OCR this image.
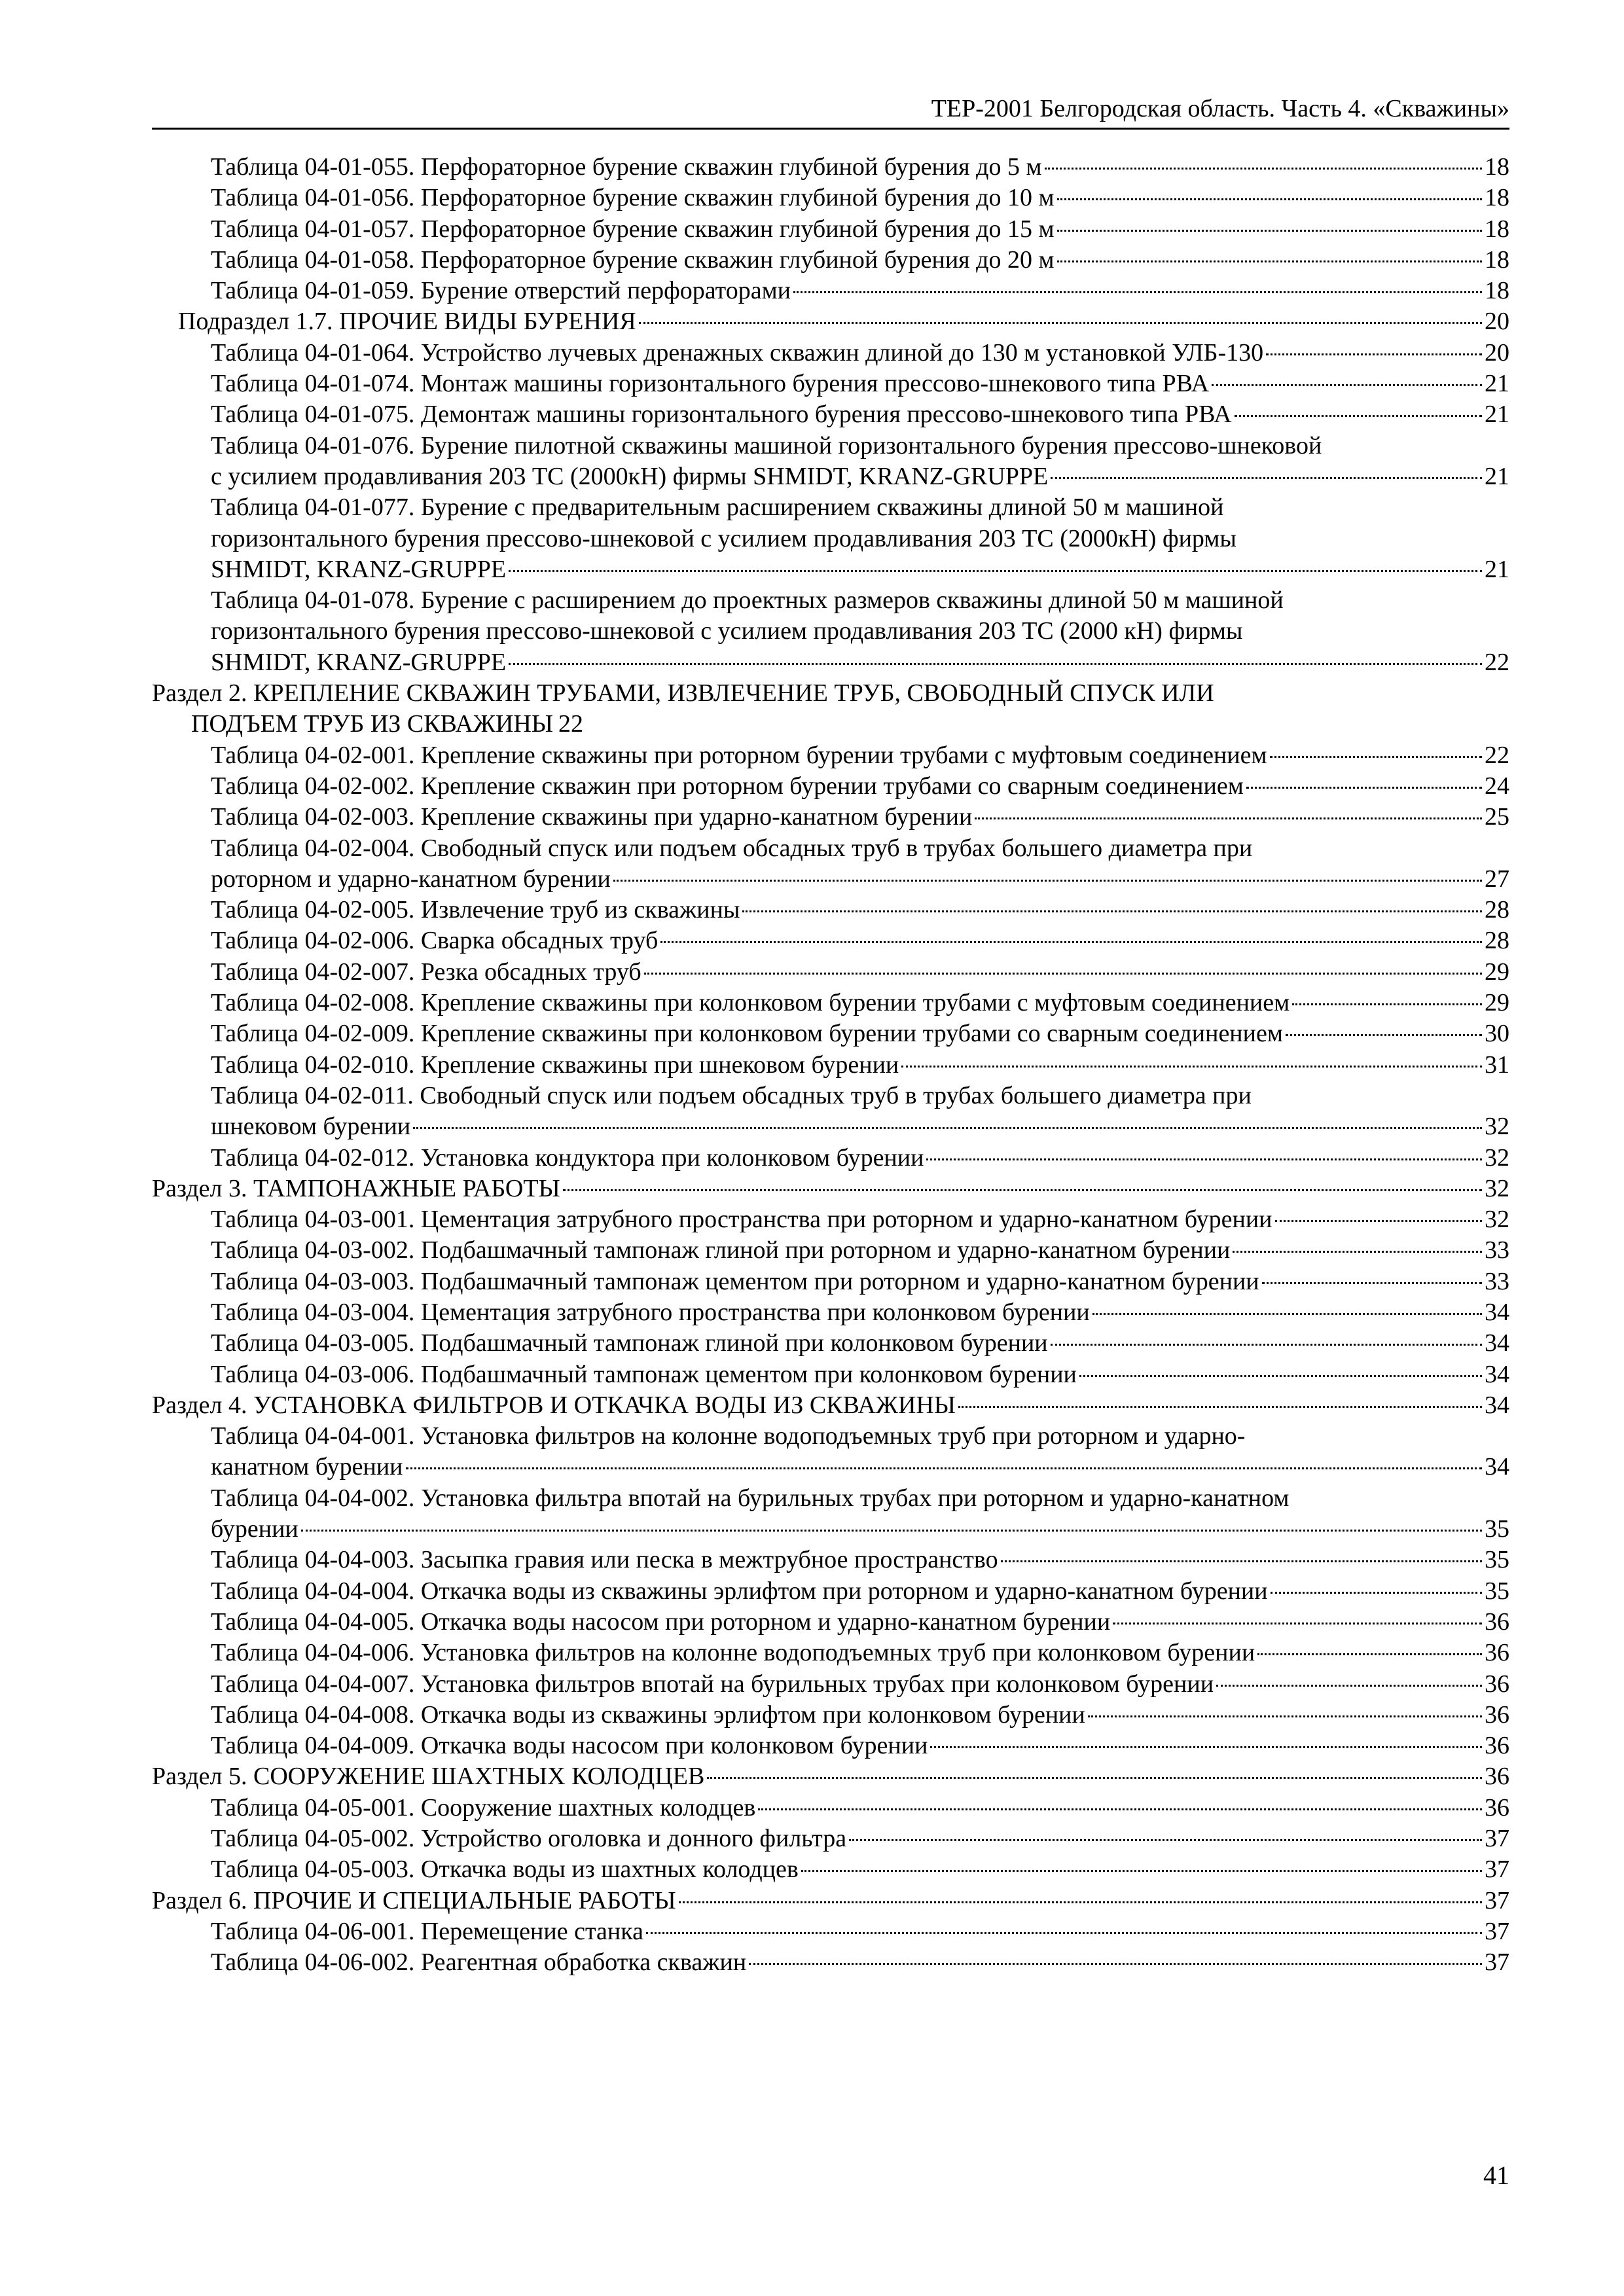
ТЕР-2001 Белгородская область. Часть 4. «Скважины»
Таблица 04-01-055. Перфораторное бурение скважин глубиной бурения до 5 м	18
Таблица 04-01-056. Перфораторное бурение скважин глубиной бурения до 10 м	18
Таблица 04-01-057. Перфораторное бурение скважин глубиной бурения до 15 м	18
Таблица 04-01-058. Перфораторное бурение скважин глубиной бурения до 20 м	18
Таблица 04-01-059. Бурение отверстий перфораторами	18
Подраздел 1.7. ПРОЧИЕ ВИДЫ БУРЕНИЯ	20
Таблица 04-01-064. Устройство лучевых дренажных скважин длиной до 130 м установкой УЛБ-130	20
Таблица 04-01-074. Монтаж машины горизонтального бурения прессово-шнекового типа РВА	21
Таблица 04-01-075. Демонтаж машины горизонтального бурения прессово-шнекового типа РВА	21
Таблица 04-01-076. Бурение пилотной скважины машиной горизонтального бурения прессово-шнековой
с усилием продавливания 203 ТС (2000кН) фирмы SHMIDT, KRANZ-GRUPPE	21
Таблица 04-01-077. Бурение с предварительным расширением скважины длиной 50 м машиной
горизонтального бурения прессово-шнековой с усилием продавливания 203 ТС (2000кН) фирмы
SHMIDT, KRANZ-GRUPPE	21
Таблица 04-01-078. Бурение с расширением до проектных размеров скважины длиной 50 м машиной
горизонтального бурения прессово-шнековой с усилием продавливания 203 ТС (2000 кН) фирмы
SHMIDT, KRANZ-GRUPPE	22
Раздел 2. КРЕПЛЕНИЕ СКВАЖИН ТРУБАМИ, ИЗВЛЕЧЕНИЕ ТРУБ, СВОБОДНЫЙ СПУСК ИЛИ
ПОДЪЕМ ТРУБ ИЗ СКВАЖИНЫ 22
Таблица 04-02-001. Крепление скважины при роторном бурении трубами с муфтовым соединением	22
Таблица 04-02-002. Крепление скважин при роторном бурении трубами со сварным соединением	24
Таблица 04-02-003. Крепление скважины при ударно-канатном бурении	25
Таблица 04-02-004. Свободный спуск или подъем обсадных труб в трубах большего диаметра при
роторном и ударно-канатном бурении	27
Таблица 04-02-005. Извлечение труб из скважины	28
Таблица 04-02-006. Сварка обсадных труб	28
Таблица 04-02-007. Резка обсадных труб	29
Таблица 04-02-008. Крепление скважины при колонковом бурении трубами с муфтовым соединением	29
Таблица 04-02-009. Крепление скважины при колонковом бурении трубами со сварным соединением	30
Таблица 04-02-010. Крепление скважины при шнековом бурении	31
Таблица 04-02-011. Свободный спуск или подъем обсадных труб в трубах большего диаметра при
шнековом бурении	32
Таблица 04-02-012. Установка кондуктора при колонковом бурении	32
Раздел 3. ТАМПОНАЖНЫЕ РАБОТЫ	32
Таблица 04-03-001. Цементация затрубного пространства при роторном и ударно-канатном бурении	32
Таблица 04-03-002. Подбашмачный тампонаж глиной при роторном и ударно-канатном бурении	33
Таблица 04-03-003. Подбашмачный тампонаж цементом при роторном и ударно-канатном бурении	33
Таблица 04-03-004. Цементация затрубного пространства при колонковом бурении	34
Таблица 04-03-005. Подбашмачный тампонаж глиной при колонковом бурении	34
Таблица 04-03-006. Подбашмачный тампонаж цементом при колонковом бурении	34
Раздел 4. УСТАНОВКА ФИЛЬТРОВ И ОТКАЧКА ВОДЫ ИЗ СКВАЖИНЫ	34
Таблица 04-04-001. Установка фильтров на колонне водоподъемных труб при роторном и ударно-
канатном бурении	34
Таблица 04-04-002. Установка фильтра впотай на бурильных трубах при роторном и ударно-канатном
бурении	35
Таблица 04-04-003. Засыпка гравия или песка в межтрубное пространство	35
Таблица 04-04-004. Откачка воды из скважины эрлифтом при роторном и ударно-канатном бурении	35
Таблица 04-04-005. Откачка воды насосом при роторном и ударно-канатном бурении	36
Таблица 04-04-006. Установка фильтров на колонне водоподъемных труб при колонковом бурении	36
Таблица 04-04-007. Установка фильтров впотай на бурильных трубах при колонковом бурении	36
Таблица 04-04-008. Откачка воды из скважины эрлифтом при колонковом бурении	36
Таблица 04-04-009. Откачка воды насосом при колонковом бурении	36
Раздел 5. СООРУЖЕНИЕ ШАХТНЫХ КОЛОДЦЕВ	36
Таблица 04-05-001. Сооружение шахтных колодцев	36
Таблица 04-05-002. Устройство оголовка и донного фильтра	37
Таблица 04-05-003. Откачка воды из шахтных колодцев	37
Раздел 6. ПРОЧИЕ И СПЕЦИАЛЬНЫЕ РАБОТЫ	37
Таблица 04-06-001. Перемещение станка	37
Таблица 04-06-002. Реагентная обработка скважин	37
41
